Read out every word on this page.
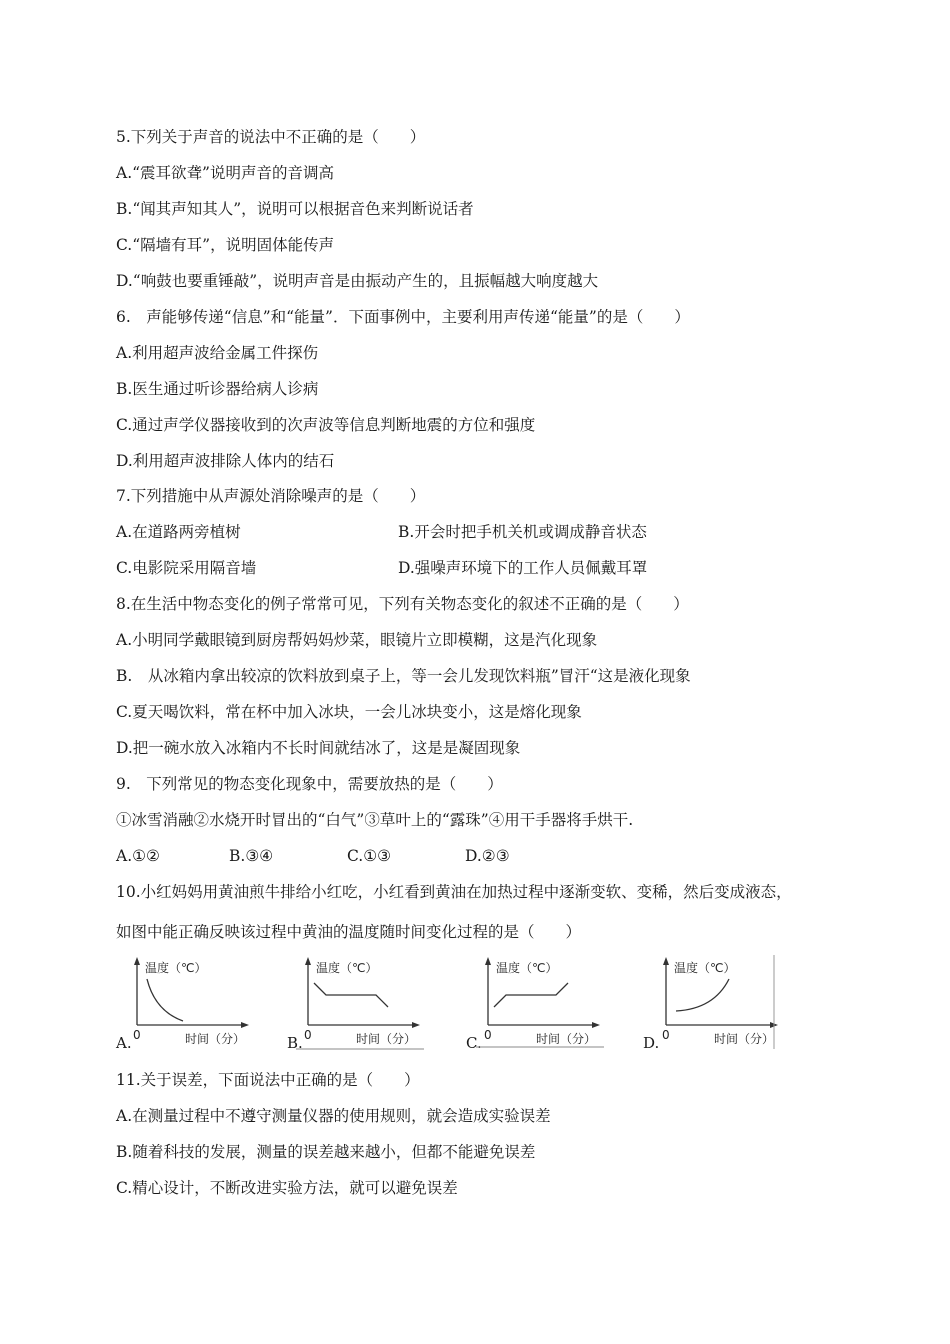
5.下列关于声音的说法中不正确的是（　　）
A.“震耳欲聋”说明声音的音调高
B.“闻其声知其人”，说明可以根据音色来判断说话者
C.“隔墙有耳”，说明固体能传声
D.“响鼓也要重锤敲”，说明声音是由振动产生的，且振幅越大响度越大
6.　声能够传递“信息”和“能量”．下面事例中，主要利用声传递“能量”的是（　　）
A.利用超声波给金属工件探伤
B.医生通过听诊器给病人诊病
C.通过声学仪器接收到的次声波等信息判断地震的方位和强度
D.利用超声波排除人体内的结石
7.下列措施中从声源处消除噪声的是（　　）
A.在道路两旁植树	B.开会时把手机关机或调成静音状态
C.电影院采用隔音墙	D.强噪声环境下的工作人员佩戴耳罩
8.在生活中物态变化的例子常常可见，下列有关物态变化的叙述不正确的是（　　）
A.小明同学戴眼镜到厨房帮妈妈炒菜，眼镜片立即模糊，这是汽化现象
B.　从冰箱内拿出较凉的饮料放到桌子上，等一会儿发现饮料瓶”冒汗“这是液化现象
C.夏天喝饮料，常在杯中加入冰块，一会儿冰块变小，这是熔化现象
D.把一碗水放入冰箱内不长时间就结冰了，这是是凝固现象
9.　下列常见的物态变化现象中，需要放热的是（　　）
①冰雪消融②水烧开时冒出的“白气”③草叶上的“露珠”④用干手器将手烘干.
A.①②	B.③④	C.①③	D.②③
10.小红妈妈用黄油煎牛排给小红吃，小红看到黄油在加热过程中逐渐变软、变稀，然后变成液态，
如图中能正确反映该过程中黄油的温度随时间变化过程的是（　　）
A.
温度（℃）
0	时间（分）	B.
温度（℃）
0	时间（分）	C.
温度（℃）
0	时间（分）	D.
温度（℃）
0	时间（分）
11.关于误差，下面说法中正确的是（　　）
A.在测量过程中不遵守测量仪器的使用规则，就会造成实验误差
B.随着科技的发展，测量的误差越来越小，但都不能避免误差
C.精心设计，不断改进实验方法，就可以避免误差
